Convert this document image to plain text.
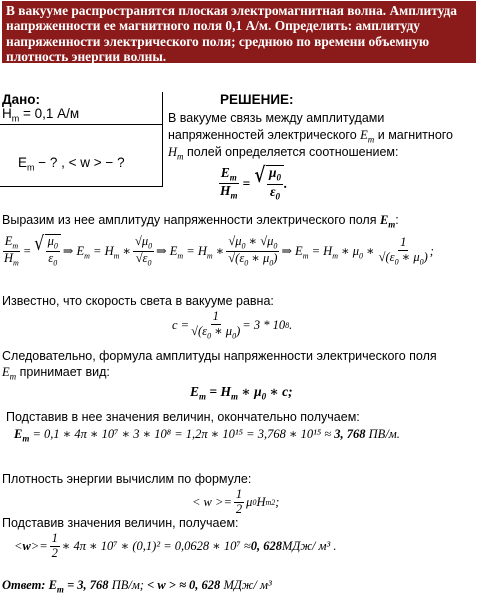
В вакууме распространятся плоская электромагнитная волна. Амплитуда
напряженности ее магнитного поля 0,1 А/м. Определить: амплитуду
напряженности электрического поля; среднюю по времени объемную
плотность энергии волны.
Дано:
$H_m = 0,1$ А/м
$E_m$ − ? , < w > − ?
РЕШЕНИЕ:
В вакууме связь между амплитудами
напряженностей электрического $E_m$ и магнитного
$H_m$ полей определяется соотношением:
$\frac{E_m}{H_m}$ = √ $\frac{\mu_0}{\varepsilon_0}$ .
Выразим из нее амплитуду напряженности электрического поля $E_m$:
$\frac{E_m}{H_m}$ = √ $\frac{\mu_0}{\varepsilon_0}$ ⇒ $E_m = H_m$ ∗ $\frac{√\mu_0}{√\varepsilon_0}$ ⇒ $E_m = H_m$ ∗ $\frac{√\mu_0 ∗ √\mu_0}{√(\varepsilon_0 ∗ \mu_0)}$ ⇒ $E_m = H_m$ ∗ $\mu_0$ ∗ $\frac{1}{√(\varepsilon_0 ∗ \mu_0)}$ ;
Известно, что скорость света в вакууме равна:
$c = \frac{1}{√(\varepsilon_0 ∗ \mu_0)} = 3 * 10$ 8 .
Следовательно, формула амплитуды напряженности электрического поля
$E_m$ принимает вид:
$E_m = H_m$ ∗ $\mu_0$ ∗ c;
Подставив в нее значения величин, окончательно получаем:
$E_m = 0,1$ ∗ 4π ∗ 10⁷ ∗ 3 ∗ 10⁸ = 1,2π ∗ 10¹⁵ = 3,768 ∗ 10¹⁵ ≈ 3, 768 ПВ/м.
Плотность энергии вычислим по формуле:
< $w >= \frac{1}{2}$ μ 0 H m 2 ;
Подставив значения величин, получаем:
< $w >= \frac{1}{2}$ ∗ 4π ∗ 10⁷ ∗ (0,1)² = 0,0628 ∗ 10⁷ ≈ 0, 628 МДж/ м³ .
Ответ: $E_m = 3$, 768 ПВ/м; < w > ≈ 0, 628 МДж/ м³
